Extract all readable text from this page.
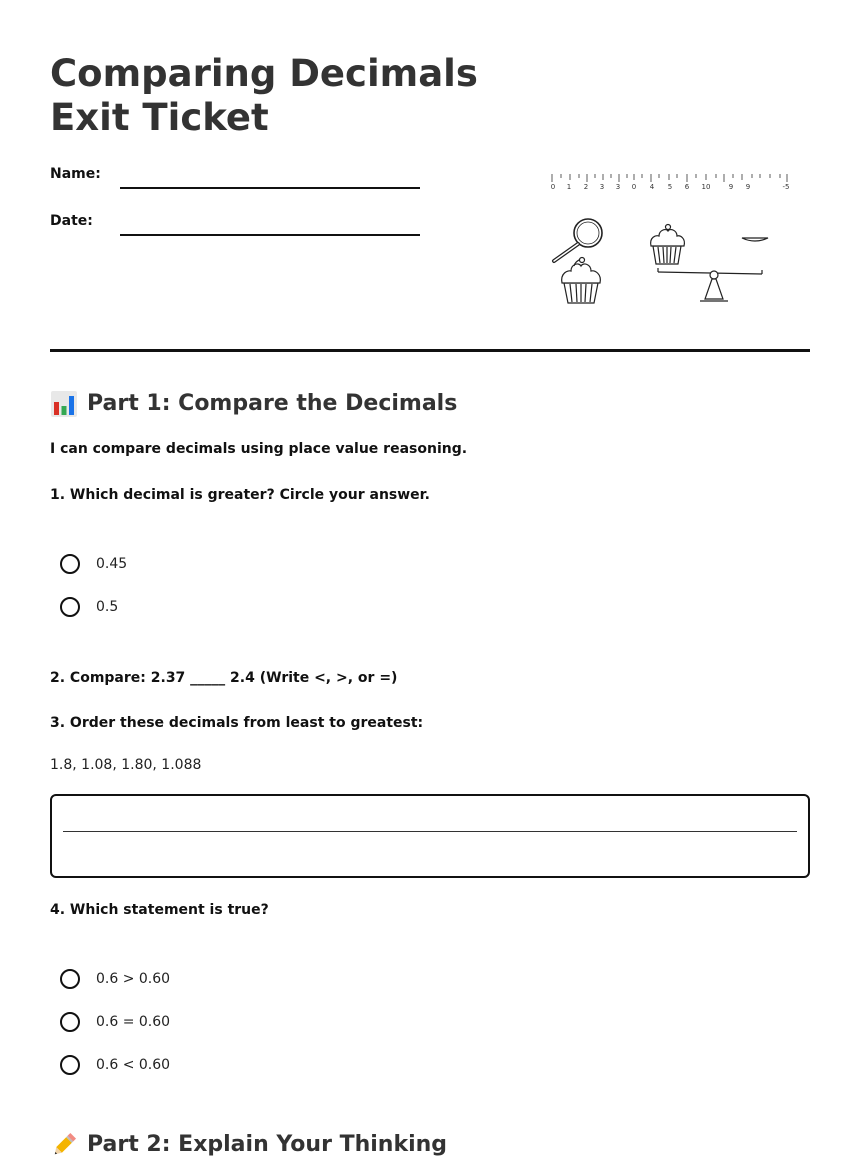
Comparing Decimals
Exit Ticket
Name:
Date:
0 1 2 3 3 0 4 5 6 10	9 9	-5
Part 1: Compare the Decimals
I can compare decimals using place value reasoning.
1. Which decimal is greater? Circle your answer.
0.45
0.5
2. Compare: 2.37 _____ 2.4 (Write <, >, or =)
3. Order these decimals from least to greatest:
1.8, 1.08, 1.80, 1.088
4. Which statement is true?
0.6 > 0.60
0.6 = 0.60
0.6 < 0.60
Part 2: Explain Your Thinking
